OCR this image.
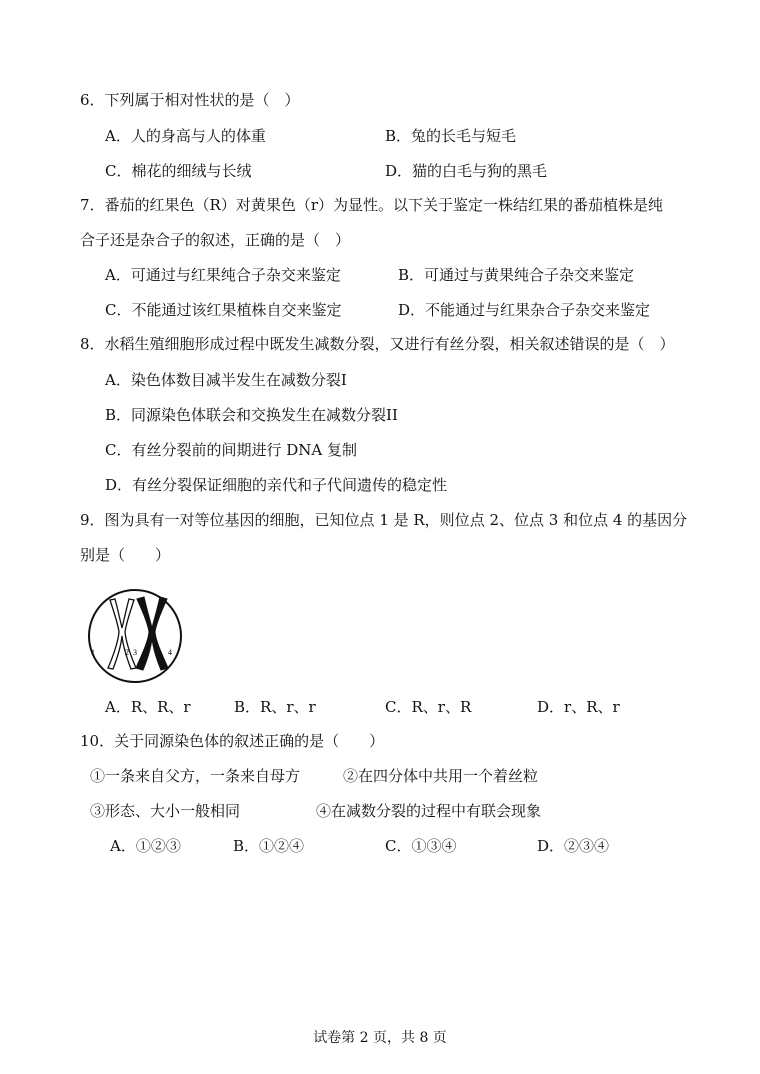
6．下列属于相对性状的是（　）
A．人的身高与人的体重	B．兔的长毛与短毛
C．棉花的细绒与长绒	D．猫的白毛与狗的黑毛
7．番茄的红果色（R）对黄果色（r）为显性。以下关于鉴定一株结红果的番茄植株是纯
合子还是杂合子的叙述，正确的是（　）
A．可通过与红果纯合子杂交来鉴定	B．可通过与黄果纯合子杂交来鉴定
C．不能通过该红果植株自交来鉴定	D．不能通过与红果杂合子杂交来鉴定
8．水稻生殖细胞形成过程中既发生减数分裂，又进行有丝分裂，相关叙述错误的是（　）
A．染色体数目减半发生在减数分裂I
B．同源染色体联会和交换发生在减数分裂II
C．有丝分裂前的间期进行 DNA 复制
D．有丝分裂保证细胞的亲代和子代间遗传的稳定性
9．图为具有一对等位基因的细胞，已知位点 1 是 R，则位点 2、位点 3 和位点 4 的基因分
别是（　　）
1	2 3	4
A．R、R、r	B．R、r、r	C．R、r、R	D．r、R、r
10．关于同源染色体的叙述正确的是（　　）
①一条来自父方，一条来自母方	②在四分体中共用一个着丝粒
③形态、大小一般相同	④在减数分裂的过程中有联会现象
A．①②③	B．①②④	C．①③④	D．②③④
试卷第 2 页，共 8 页
